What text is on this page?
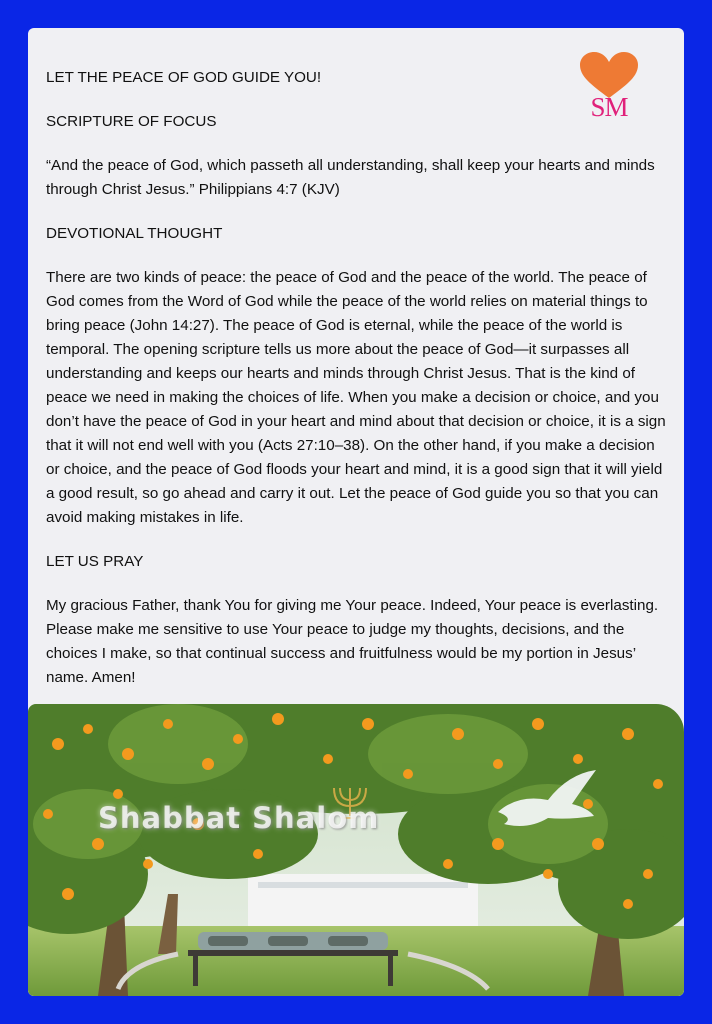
LET THE PEACE OF GOD GUIDE YOU!

SCRIPTURE OF FOCUS

“And the peace of God, which passeth all understanding, shall keep your hearts and minds through Christ Jesus.” Philippians 4:7 (KJV)

DEVOTIONAL THOUGHT

There are two kinds of peace: the peace of God and the peace of the world. The peace of God comes from the Word of God while the peace of the world relies on material things to bring peace (John 14:27). The peace of God is eternal, while the peace of the world is temporal. The opening scripture tells us more about the peace of God—it surpasses all understanding and keeps our hearts and minds through Christ Jesus. That is the kind of peace we need in making the choices of life. When you make a decision or choice, and you don’t have the peace of God in your heart and mind about that decision or choice, it is a sign that it will not end well with you (Acts 27:10–38). On the other hand, if you make a decision or choice, and the peace of God floods your heart and mind, it is a good sign that it will yield a good result, so go ahead and carry it out. Let the peace of God guide you so that you can avoid making mistakes in life.

LET US PRAY

My gracious Father, thank You for giving me Your peace. Indeed, Your peace is everlasting. Please make me sensitive to use Your peace to judge my thoughts, decisions, and the choices I make, so that continual success and fruitfulness would be my portion in Jesus’ name. Amen!

SM
Shabbat Shalom
